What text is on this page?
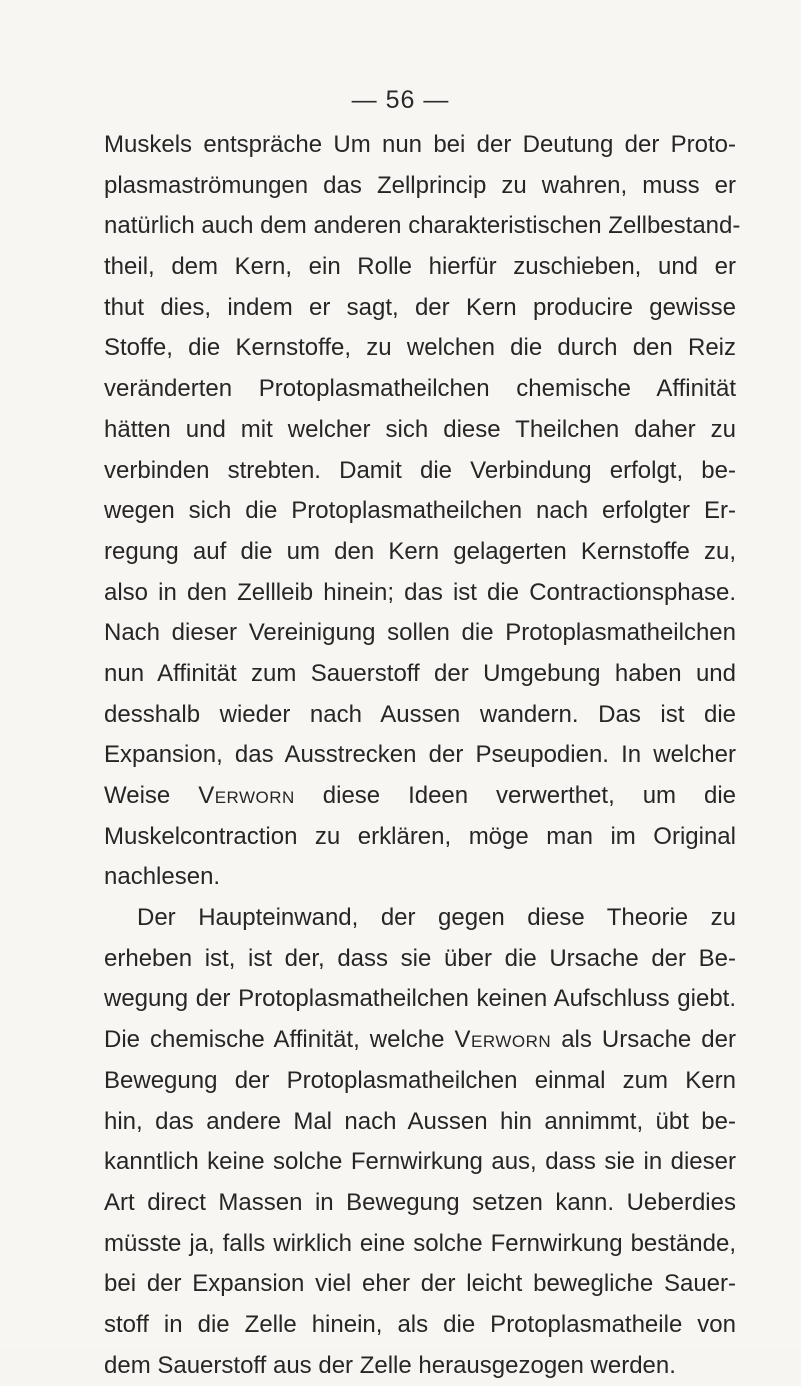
— 56 —
Muskels entspräche Um nun bei der Deutung der Proto-
plasmaströmungen das Zellprincip zu wahren, muss er
natürlich auch dem anderen charakteristischen Zellbestand-
theil, dem Kern, ein Rolle hierfür zuschieben, und er
thut dies, indem er sagt, der Kern producire gewisse
Stoffe, die Kernstoffe, zu welchen die durch den Reiz
veränderten Protoplasmatheilchen chemische Affinität
hätten und mit welcher sich diese Theilchen daher zu
verbinden strebten. Damit die Verbindung erfolgt, be-
wegen sich die Protoplasmatheilchen nach erfolgter Er-
regung auf die um den Kern gelagerten Kernstoffe zu,
also in den Zellleib hinein; das ist die Contractionsphase.
Nach dieser Vereinigung sollen die Protoplasmatheilchen
nun Affinität zum Sauerstoff der Umgebung haben und
desshalb wieder nach Aussen wandern. Das ist die
Expansion, das Ausstrecken der Pseupodien. In welcher
Weise Verworn diese Ideen verwerthet, um die
Muskelcontraction zu erklären, möge man im Original
nachlesen.
Der Haupteinwand, der gegen diese Theorie zu
erheben ist, ist der, dass sie über die Ursache der Be-
wegung der Protoplasmatheilchen keinen Aufschluss giebt.
Die chemische Affinität, welche Verworn als Ursache der
Bewegung der Protoplasmatheilchen einmal zum Kern
hin, das andere Mal nach Aussen hin annimmt, übt be-
kanntlich keine solche Fernwirkung aus, dass sie in dieser
Art direct Massen in Bewegung setzen kann. Ueberdies
müsste ja, falls wirklich eine solche Fernwirkung bestände,
bei der Expansion viel eher der leicht bewegliche Sauer-
stoff in die Zelle hinein, als die Protoplasmatheile von
dem Sauerstoff aus der Zelle herausgezogen werden.
